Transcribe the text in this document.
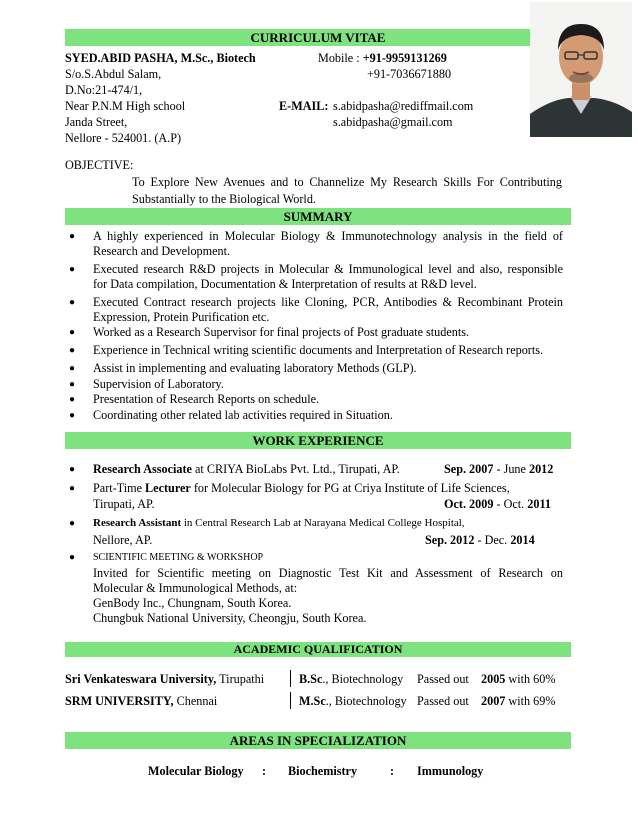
CURRICULUM VITAE
SYED.ABID PASHA, M.Sc., Biotech
S/o.S.Abdul Salam,
D.No:21-474/1,
Near P.N.M High school
Janda Street,
Nellore - 524001. (A.P)
Mobile : +91-9959131269
+91-7036671880
E-MAIL: s.abidpasha@rediffmail.com
s.abidpasha@gmail.com
OBJECTIVE:
To Explore New Avenues and to Channelize My Research Skills For Contributing
Substantially to the Biological World.
SUMMARY
● A highly experienced in Molecular Biology & Immunotechnology analysis in the field of
Research and Development.
● Executed research R&D projects in Molecular & Immunological level and also, responsible
for Data compilation, Documentation & Interpretation of results at R&D level.
● Executed Contract research projects like Cloning, PCR, Antibodies & Recombinant Protein
Expression, Protein Purification etc.
● Worked as a Research Supervisor for final projects of Post graduate students.
● Experience in Technical writing scientific documents and Interpretation of Research reports.
● Assist in implementing and evaluating laboratory Methods (GLP).
● Supervision of Laboratory.
● Presentation of Research Reports on schedule.
● Coordinating other related lab activities required in Situation.
WORK EXPERIENCE
● Research Associate at CRIYA BioLabs Pvt. Ltd., Tirupati, AP.	Sep. 2007 - June 2012
● Part-Time Lecturer for Molecular Biology for PG at Criya Institute of Life Sciences,
Tirupati, AP.	Oct. 2009 - Oct. 2011
● Research Assistant in Central Research Lab at Narayana Medical College Hospital,
Nellore, AP.	Sep. 2012 - Dec. 2014
● SCIENTIFIC MEETING & WORKSHOP
Invited for Scientific meeting on Diagnostic Test Kit and Assessment of Research on
Molecular & Immunological Methods, at:
GenBody Inc., Chungnam, South Korea.
Chungbuk National University, Cheongju, South Korea.
ACADEMIC QUALIFICATION
Sri Venkateswara University, Tirupathi	B.Sc., Biotechnology Passed out 2005 with 60%
SRM UNIVERSITY, Chennai	M.Sc., Biotechnology Passed out 2007 with 69%
AREAS IN SPECIALIZATION
Molecular Biology : Biochemistry	: Immunology
